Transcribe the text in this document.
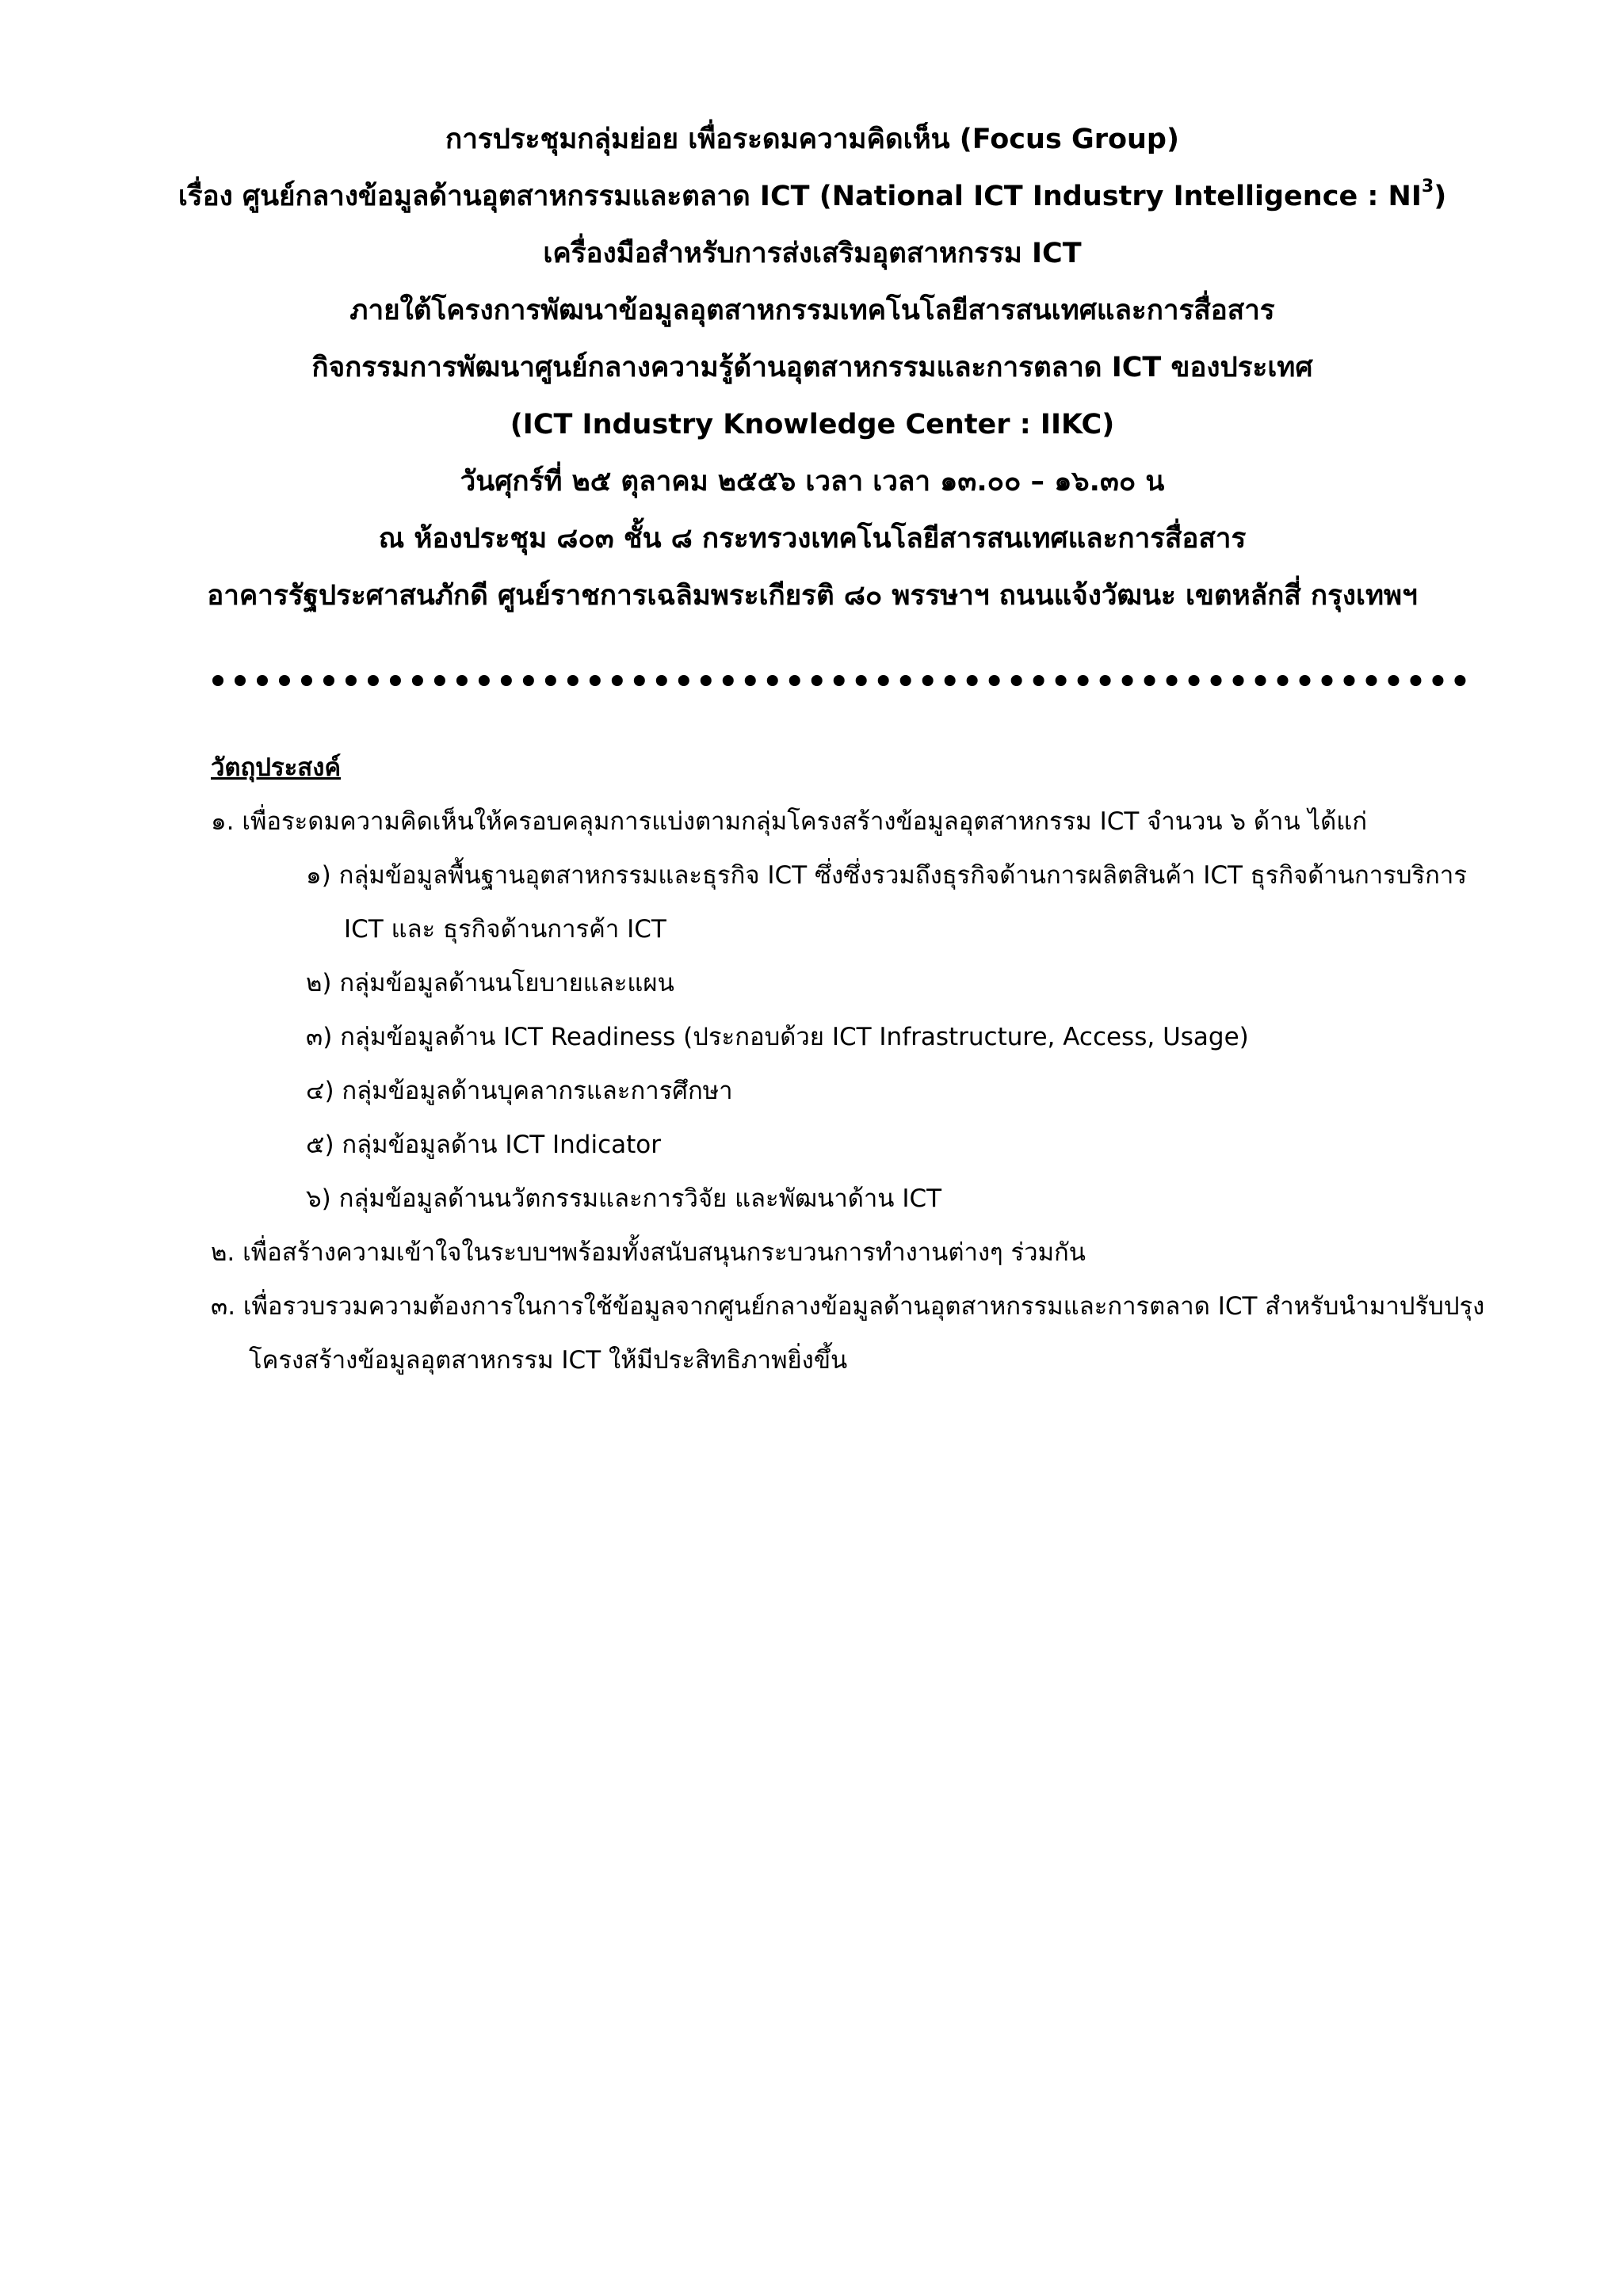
การประชุมกลุ่มย่อย เพื่อระดมความคิดเห็น (Focus Group)
เรื่อง ศูนย์กลางข้อมูลด้านอุตสาหกรรมและตลาด ICT (National ICT Industry Intelligence : $NI^3$)
เครื่องมือสำหรับการส่งเสริมอุตสาหกรรม ICT
ภายใต้โครงการพัฒนาข้อมูลอุตสาหกรรมเทคโนโลยีสารสนเทศและการสื่อสาร
กิจกรรมการพัฒนาศูนย์กลางความรู้ด้านอุตสาหกรรมและการตลาด ICT ของประเทศ
(ICT Industry Knowledge Center : IIKC)
วันศุกร์ที่ ๒๕ ตุลาคม ๒๕๕๖ เวลา เวลา ๑๓.๐๐ – ๑๖.๓๐ น
ณ ห้องประชุม ๘๐๓ ชั้น ๘ กระทรวงเทคโนโลยีสารสนเทศและการสื่อสาร
อาคารรัฐประศาสนภักดี ศูนย์ราชการเฉลิมพระเกียรติ ๘๐ พรรษาฯ ถนนแจ้งวัฒนะ เขตหลักสี่ กรุงเทพฯ
วัตถุประสงค์
๑. เพื่อระดมความคิดเห็นให้ครอบคลุมการแบ่งตามกลุ่มโครงสร้างข้อมูลอุตสาหกรรม ICT จำนวน ๖ ด้าน ได้แก่
๑) กลุ่มข้อมูลพื้นฐานอุตสาหกรรมและธุรกิจ ICT ซึ่งซึ่งรวมถึงธุรกิจด้านการผลิตสินค้า ICT ธุรกิจด้านการบริการ
ICT และ ธุรกิจด้านการค้า ICT
๒) กลุ่มข้อมูลด้านนโยบายและแผน
๓) กลุ่มข้อมูลด้าน ICT Readiness (ประกอบด้วย ICT Infrastructure, Access, Usage)
๔) กลุ่มข้อมูลด้านบุคลากรและการศึกษา
๕) กลุ่มข้อมูลด้าน ICT Indicator
๖) กลุ่มข้อมูลด้านนวัตกรรมและการวิจัย และพัฒนาด้าน ICT
๒. เพื่อสร้างความเข้าใจในระบบฯพร้อมทั้งสนับสนุนกระบวนการทำงานต่างๆ ร่วมกัน
๓. เพื่อรวบรวมความต้องการในการใช้ข้อมูลจากศูนย์กลางข้อมูลด้านอุตสาหกรรมและการตลาด ICT สำหรับนำมาปรับปรุง
โครงสร้างข้อมูลอุตสาหกรรม ICT ให้มีประสิทธิภาพยิ่งขึ้น
